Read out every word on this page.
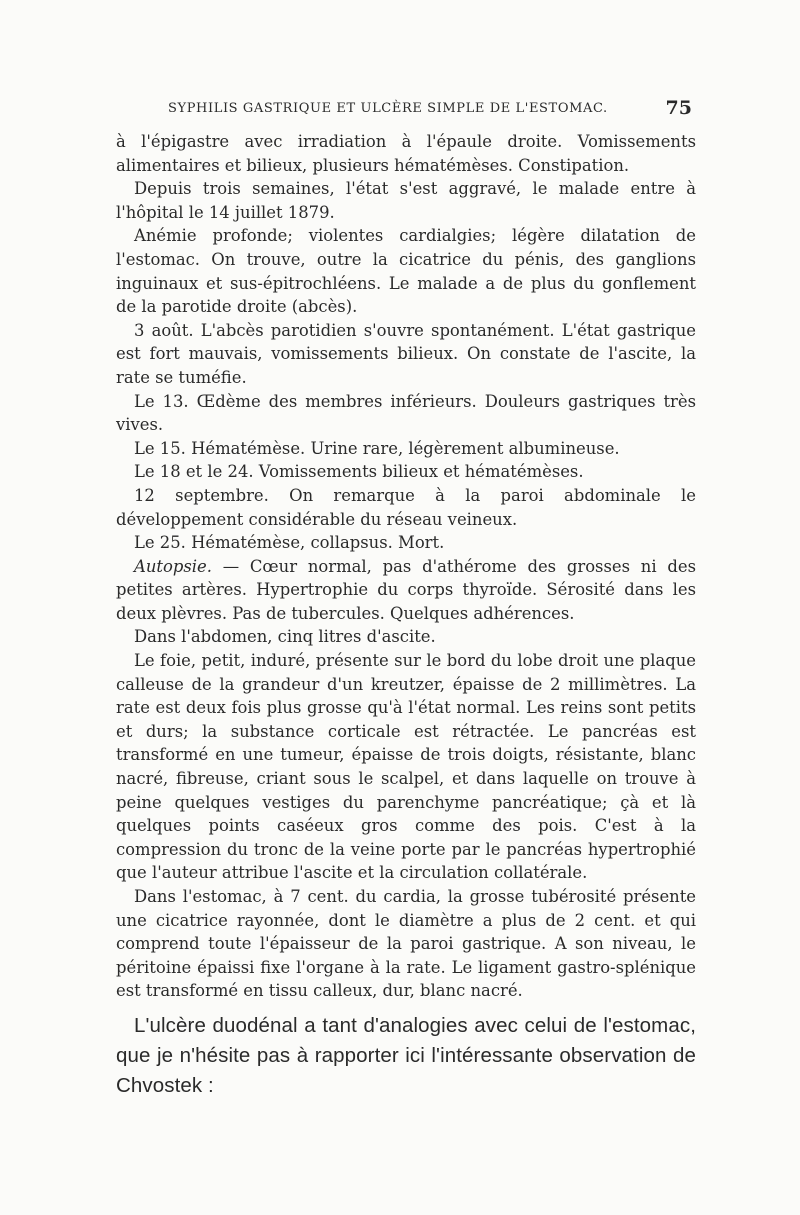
SYPHILIS GASTRIQUE ET ULCÈRE SIMPLE DE L'ESTOMAC.	75

à l'épigastre avec irradiation à l'épaule droite. Vomissements alimentaires et bilieux, plusieurs hématémèses. Constipation.

Depuis trois semaines, l'état s'est aggravé, le malade entre à l'hôpital le 14 juillet 1879.

Anémie profonde; violentes cardialgies; légère dilatation de l'estomac. On trouve, outre la cicatrice du pénis, des ganglions inguinaux et sus-épitrochléens. Le malade a de plus du gonflement de la parotide droite (abcès).

3 août. L'abcès parotidien s'ouvre spontanément. L'état gastrique est fort mauvais, vomissements bilieux. On constate de l'ascite, la rate se tuméfie.

Le 13. Œdème des membres inférieurs. Douleurs gastriques très vives.

Le 15. Hématémèse. Urine rare, légèrement albumineuse.

Le 18 et le 24. Vomissements bilieux et hématémèses.

12 septembre. On remarque à la paroi abdominale le développement considérable du réseau veineux.

Le 25. Hématémèse, collapsus. Mort.

Autopsie. — Cœur normal, pas d'athérome des grosses ni des petites artères. Hypertrophie du corps thyroïde. Sérosité dans les deux plèvres. Pas de tubercules. Quelques adhérences.

Dans l'abdomen, cinq litres d'ascite.

Le foie, petit, induré, présente sur le bord du lobe droit une plaque calleuse de la grandeur d'un kreutzer, épaisse de 2 millimètres. La rate est deux fois plus grosse qu'à l'état normal. Les reins sont petits et durs; la substance corticale est rétractée. Le pancréas est transformé en une tumeur, épaisse de trois doigts, résistante, blanc nacré, fibreuse, criant sous le scalpel, et dans laquelle on trouve à peine quelques vestiges du parenchyme pancréatique; çà et là quelques points caséeux gros comme des pois. C'est à la compression du tronc de la veine porte par le pancréas hypertrophié que l'auteur attribue l'ascite et la circulation collatérale.

Dans l'estomac, à 7 cent. du cardia, la grosse tubérosité présente une cicatrice rayonnée, dont le diamètre a plus de 2 cent. et qui comprend toute l'épaisseur de la paroi gastrique. A son niveau, le péritoine épaissi fixe l'organe à la rate. Le ligament gastro-splénique est transformé en tissu calleux, dur, blanc nacré.

L'ulcère duodénal a tant d'analogies avec celui de l'estomac, que je n'hésite pas à rapporter ici l'intéressante observation de Chvostek :
